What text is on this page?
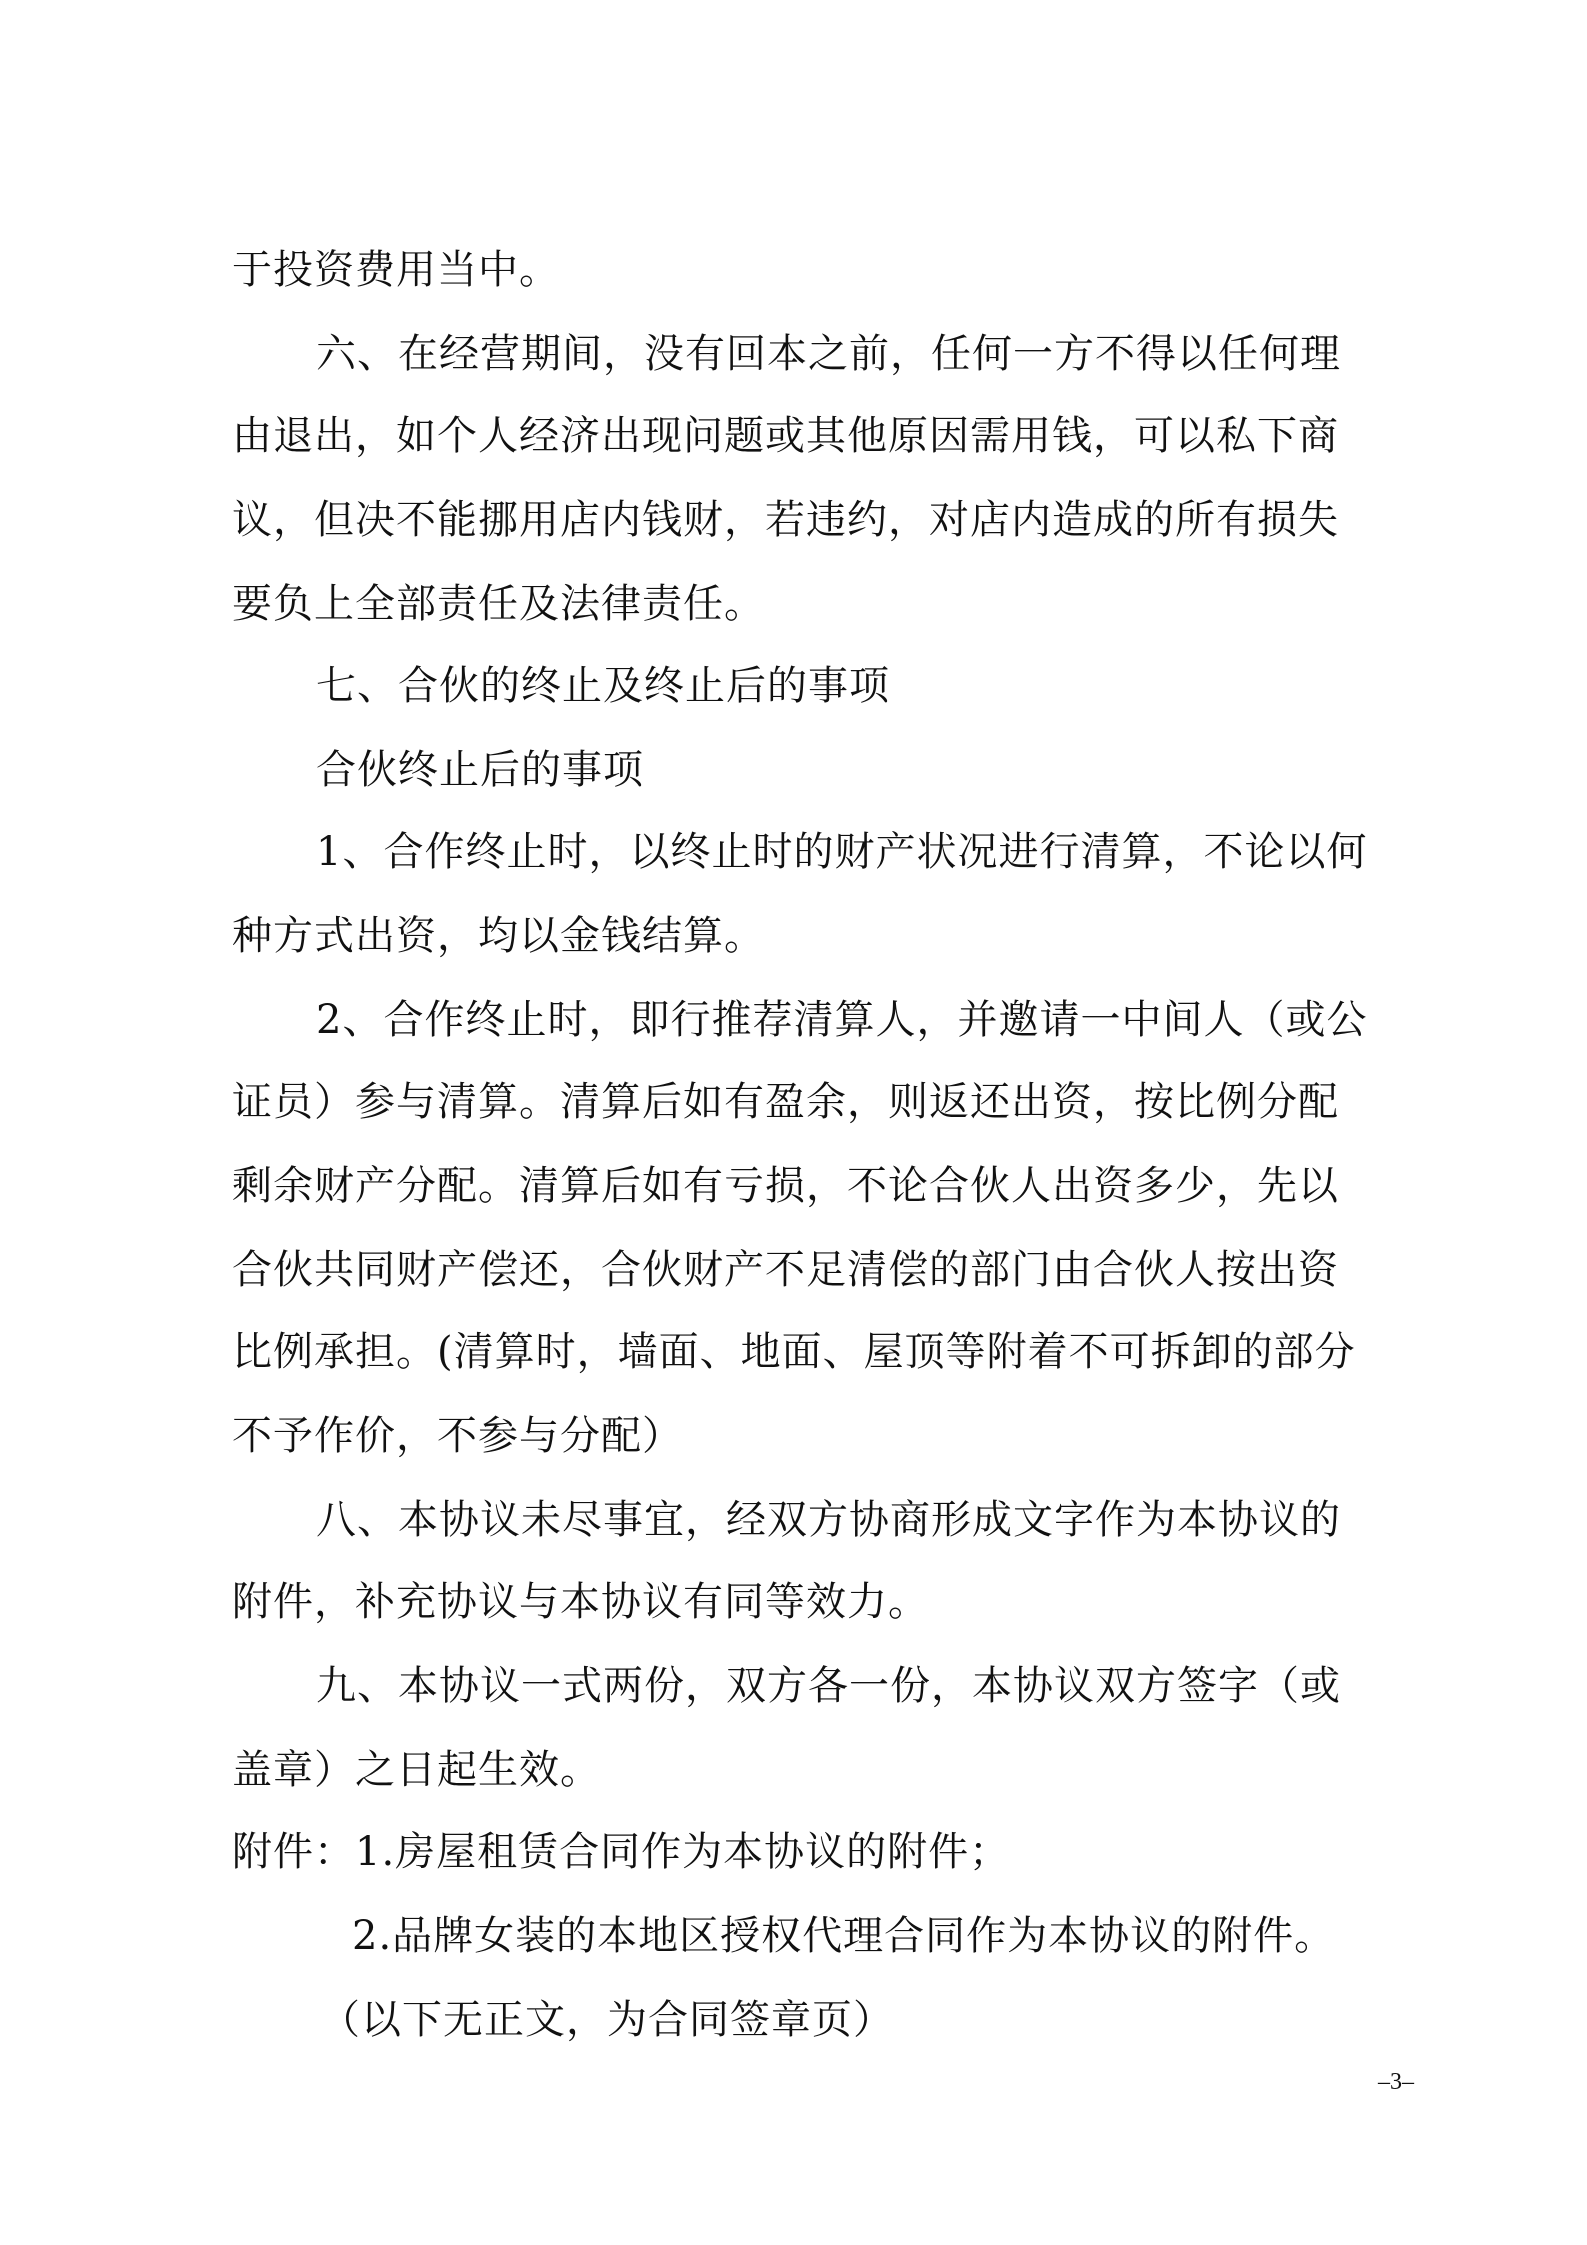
于投资费用当中。
六、在经营期间，没有回本之前，任何一方不得以任何理
由退出，如个人经济出现问题或其他原因需用钱，可以私下商
议，但决不能挪用店内钱财，若违约，对店内造成的所有损失
要负上全部责任及法律责任。
七、合伙的终止及终止后的事项
合伙终止后的事项
1、合作终止时，以终止时的财产状况进行清算，不论以何
种方式出资，均以金钱结算。
2、合作终止时，即行推荐清算人，并邀请一中间人（或公
证员）参与清算。清算后如有盈余，则返还出资，按比例分配
剩余财产分配。清算后如有亏损，不论合伙人出资多少，先以
合伙共同财产偿还，合伙财产不足清偿的部门由合伙人按出资
比例承担。(清算时，墙面、地面、屋顶等附着不可拆卸的部分
不予作价，不参与分配）
八、本协议未尽事宜，经双方协商形成文字作为本协议的
附件，补充协议与本协议有同等效力。
九、本协议一式两份，双方各一份，本协议双方签字（或
盖章）之日起生效。
附件：1.房屋租赁合同作为本协议的附件；
2.品牌女装的本地区授权代理合同作为本协议的附件。
（以下无正文，为合同签章页）
–3–
